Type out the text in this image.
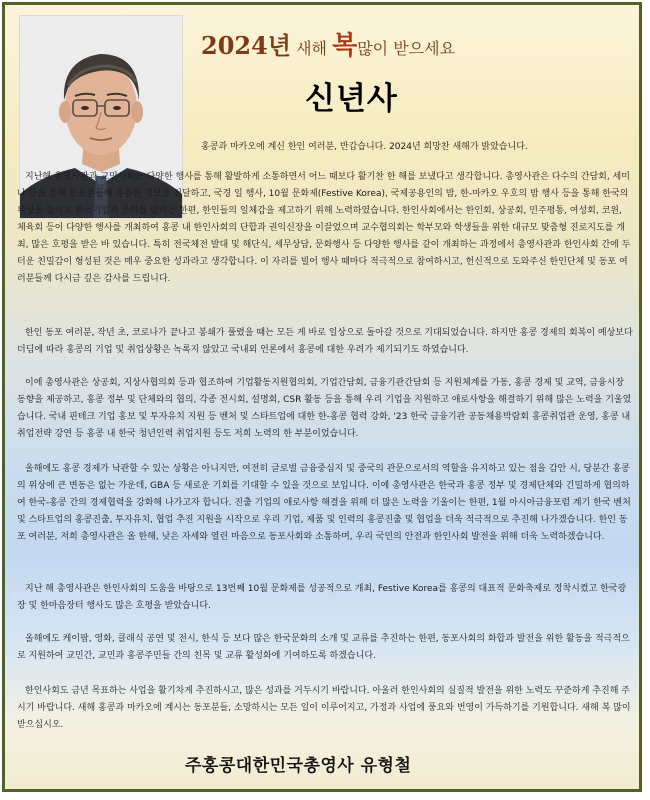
2024년 새해 복많이 받으세요
신년사

홍콩과 마카오에 계신 한인 여러분, 반갑습니다. 2024년 희망찬 새해가 밝았습니다.

지난해 총영사관과 교민사회는 다양한 행사를 통해 활발하게 소통하면서 어느 때보다 활기찬 한 해를 보냈다고 생각합니다. 총영사관은 다수의 간담회, 세미나 등을 통해 동포분들께 유용한 정보를 전달하고, 국경 일 행사, 10월 문화제(Festive Korea), 국제공용인의 밤, 한-마카오 우호의 밤 행사 등을 통해 한국의 위상을 높이고 한국기업과 문화를 알리는 한편, 한인들의 일체감을 제고하기 위해 노력하였습니다. 한인사회에서는 한인회, 상공회, 민주평통, 여성회, 코윈, 체육회 등이 다양한 행사를 개최하여 홍콩 내 한인사회의 단합과 권익신장을 이끌었으며 교수협의회는 학부모와 학생들을 위한 대규모 맞춤형 진로지도를 개최, 많은 호평을 받은 바 있습니다. 특히 전국체전 발대 및 해단식, 세무상담, 문화행사 등 다양한 행사를 같이 개최하는 과정에서 총영사관과 한인사회 간에 두터운 친밀감이 형성된 것은 매우 중요한 성과라고 생각합니다. 이 자리를 빌어 행사 때마다 적극적으로 참여하시고, 헌신적으로 도와주신 한인단체 및 동포 여러분들께 다시금 깊은 감사를 드립니다.

한인 동포 여러분, 작년 초, 코로나가 끝나고 봉쇄가 풀렸을 때는 모든 게 바로 일상으로 돌아갈 것으로 기대되었습니다. 하지만 홍콩 경제의 회복이 예상보다 더딤에 따라 홍콩의 기업 및 취업상황은 녹록지 않았고 국내외 언론에서 홍콩에 대한 우려가 제기되기도 하였습니다.

이에 총영사관은 상공회, 지상사협의회 등과 협조하여 기업활동지원협의회, 기업간담회, 금융기관간담회 등 지원체계를 가동, 홍콩 경제 및 교역, 금융시장 동향을 제공하고, 홍콩 정부 및 단체와의 협의, 각종 전시회, 설명회, CSR 활동 등을 통해 우리 기업을 지원하고 애로사항을 해결하기 위해 많은 노력을 기울였습니다. 국내 핀테크 기업 홍보 및 투자유치 지원 등 벤처 및 스타트업에 대한 한-홍콩 협력 강화, '23 한국 금융기관 공동채용박람회 홍콩취업관 운영, 홍콩 내 취업전략 강연 등 홍콩 내 한국 청년인력 취업지원 등도 저희 노력의 한 부분이었습니다.

올해에도 홍콩 경제가 낙관할 수 있는 상황은 아니지만, 여전히 글로벌 금융중심지 및 중국의 관문으로서의 역할을 유지하고 있는 점을 감안 시, 당분간 홍콩의 위상에 큰 변동은 없는 가운데, GBA 등 새로운 기회를 기대할 수 있을 것으로 보입니다. 이에 총영사관은 한국과 홍콩 정부 및 경제단체와 긴밀하게 협의하여 한국-홍콩 간의 경제협력을 강화해 나가고자 합니다. 진출 기업의 애로사항 해결을 위해 더 많은 노력을 기울이는 한편, 1월 아시아금융포럼 계기 한국 벤처 및 스타트업의 홍콩진출, 투자유치, 협업 추진 지원을 시작으로 우리 기업, 제품 및 인력의 홍콩진출 및 협업을 더욱 적극적으로 추진해 나가겠습니다. 한인 동포 여러분, 저희 총영사관은 올 한해, 낮은 자세와 열린 마음으로 동포사회와 소통하며, 우리 국민의 안전과 한인사회 발전을 위해 더욱 노력하겠습니다.

지난 해 총영사관은 한인사회의 도움을 바탕으로 13번째 10월 문화제를 성공적으로 개최, Festive Korea를 홍콩의 대표적 문화축제로 정착시켰고 한국광장 및 한마음장터 행사도 많은 호평을 받았습니다.

올해에도 케이팝, 영화, 클래식 공연 및 전시, 한식 등 보다 많은 한국문화의 소개 및 교류를 추진하는 한편, 동포사회의 화합과 발전을 위한 활동을 적극적으로 지원하여 교민간, 교민과 홍콩주민들 간의 친목 및 교류 활성화에 기여하도록 하겠습니다.

한인사회도 금년 목표하는 사업을 활기차게 추진하시고, 많은 성과를 거두시기 바랍니다. 아울러 한인사회의 실질적 발전을 위한 노력도 꾸준하게 추진해 주시기 바랍니다. 새해 홍콩과 마카오에 계시는 동포분들, 소망하시는 모든 일이 이루어지고, 가정과 사업에 풍요와 번영이 가득하기를 기원합니다. 새해 복 많이 받으십시오.

주홍콩대한민국총영사 유형철
